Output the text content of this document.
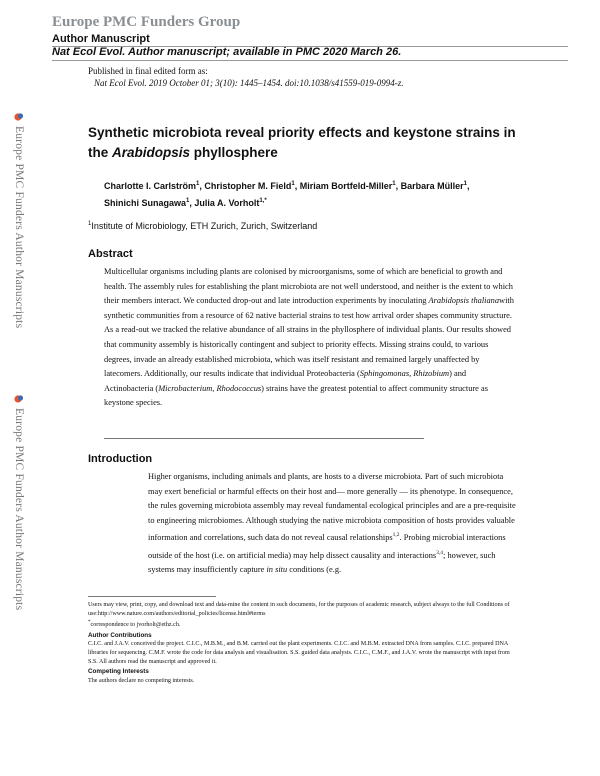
Europe PMC Funders Group
Author Manuscript
Nat Ecol Evol. Author manuscript; available in PMC 2020 March 26.
Published in final edited form as:
Nat Ecol Evol. 2019 October 01; 3(10): 1445–1454. doi:10.1038/s41559-019-0994-z.
Europe PMC Funders Author Manuscripts
Europe PMC Funders Author Manuscripts
Synthetic microbiota reveal priority effects and keystone strains in the Arabidopsis phyllosphere
Charlotte I. Carlström$^1$, Christopher M. Field$^1$, Miriam Bortfeld-Miller$^1$, Barbara Müller$^1$,
Shinichi Sunagawa$^1$, Julia A. Vorholt$^{1,*}$
$^1$Institute of Microbiology, ETH Zurich, Zurich, Switzerland
Abstract
Multicellular organisms including plants are colonised by microorganisms, some of which are beneficial to growth and health. The assembly rules for establishing the plant microbiota are not well understood, and neither is the extent to which their members interact. We conducted drop-out and late introduction experiments by inoculating Arabidopsis thalianawith synthetic communities from a resource of 62 native bacterial strains to test how arrival order shapes community structure. As a read-out we tracked the relative abundance of all strains in the phyllosphere of individual plants. Our results showed that community assembly is historically contingent and subject to priority effects. Missing strains could, to various degrees, invade an already established microbiota, which was itself resistant and remained largely unaffected by latecomers. Additionally, our results indicate that individual Proteobacteria (Sphingomonas, Rhizobium) and Actinobacteria (Microbacterium, Rhodococcus) strains have the greatest potential to affect community structure as keystone species.
Introduction
Higher organisms, including animals and plants, are hosts to a diverse microbiota. Part of such microbiota may exert beneficial or harmful effects on their host and— more generally — its phenotype. In consequence, the rules governing microbiota assembly may reveal fundamental ecological principles and are a pre-requisite to engineering microbiomes. Although studying the native microbiota composition of hosts provides valuable information and correlations, such data do not reveal causal relationships$^{1,2}$. Probing microbial interactions outside of the host (i.e. on artificial media) may help dissect causality and interactions$^{3,4}$; however, such systems may insufficiently capture in situ conditions (e.g.

Users may view, print, copy, and download text and data-mine the content in such documents, for the purposes of academic research, subject always to the full Conditions of use:http://www.nature.com/authors/editorial_policies/license.html#terms

*correspondence to jvorholt@ethz.ch.

Author Contributions

C.I.C. and J.A.V. conceived the project. C.I.C., M.B.M., and B.M. carried out the plant experiments. C.I.C. and M.B.M. extracted DNA from samples. C.I.C. prepared DNA libraries for sequencing. C.M.F. wrote the code for data analysis and visualisation. S.S. guided data analysis. C.I.C., C.M.F., and J.A.V. wrote the manuscript with input from S.S. All authors read the manuscript and approved it.

Competing Interests

The authors declare no competing interests.
